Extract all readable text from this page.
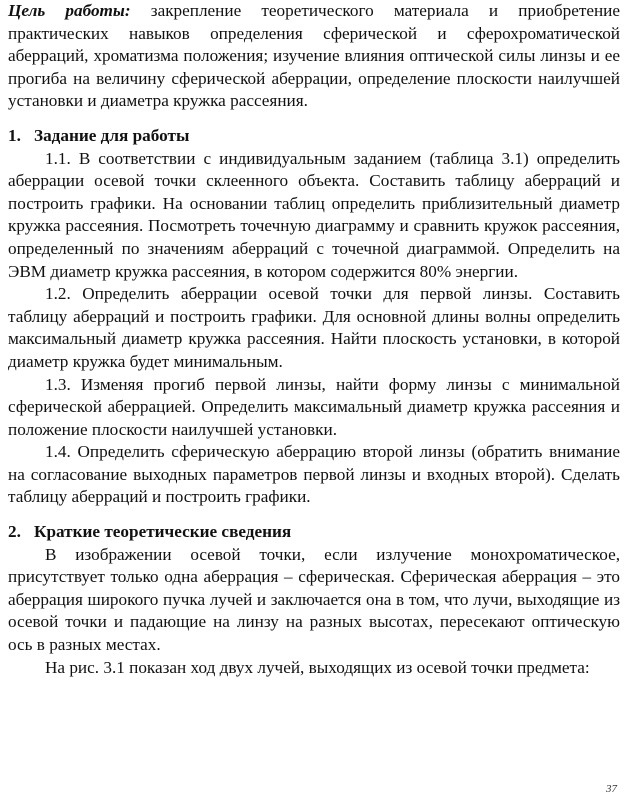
Цель работы: закрепление теоретического материала и приобретение практических навыков определения сферической и сферохроматической аберраций, хроматизма положения; изучение влияния оптической силы линзы и ее прогиба на величину сферической аберрации, определение плоскости наилучшей установки и диаметра кружка рассеяния.

1. Задание для работы

1.1. В соответствии с индивидуальным заданием (таблица 3.1) определить аберрации осевой точки склеенного объекта. Составить таблицу аберраций и построить графики. На основании таблиц определить приблизительный диаметр кружка рассеяния. Посмотреть точечную диаграмму и сравнить кружок рассеяния, определенный по значениям аберраций с точечной диаграммой. Определить на ЭВМ диаметр кружка рассеяния, в котором содержится 80% энергии.

1.2. Определить аберрации осевой точки для первой линзы. Составить таблицу аберраций и построить графики. Для основной длины волны определить максимальный диаметр кружка рассеяния. Найти плоскость установки, в которой диаметр кружка будет минимальным.

1.3. Изменяя прогиб первой линзы, найти форму линзы с минимальной сферической аберрацией. Определить максимальный диаметр кружка рассеяния и положение плоскости наилучшей установки.

1.4. Определить сферическую аберрацию второй линзы (обратить внимание на согласование выходных параметров первой линзы и входных второй). Сделать таблицу аберраций и построить графики.

2. Краткие теоретические сведения

В изображении осевой точки, если излучение монохроматическое, присутствует только одна аберрация – сферическая. Сферическая аберрация – это аберрация широкого пучка лучей и заключается она в том, что лучи, выходящие из осевой точки и падающие на линзу на разных высотах, пересекают оптическую ось в разных местах.

На рис. 3.1 показан ход двух лучей, выходящих из осевой точки предмета:

37
